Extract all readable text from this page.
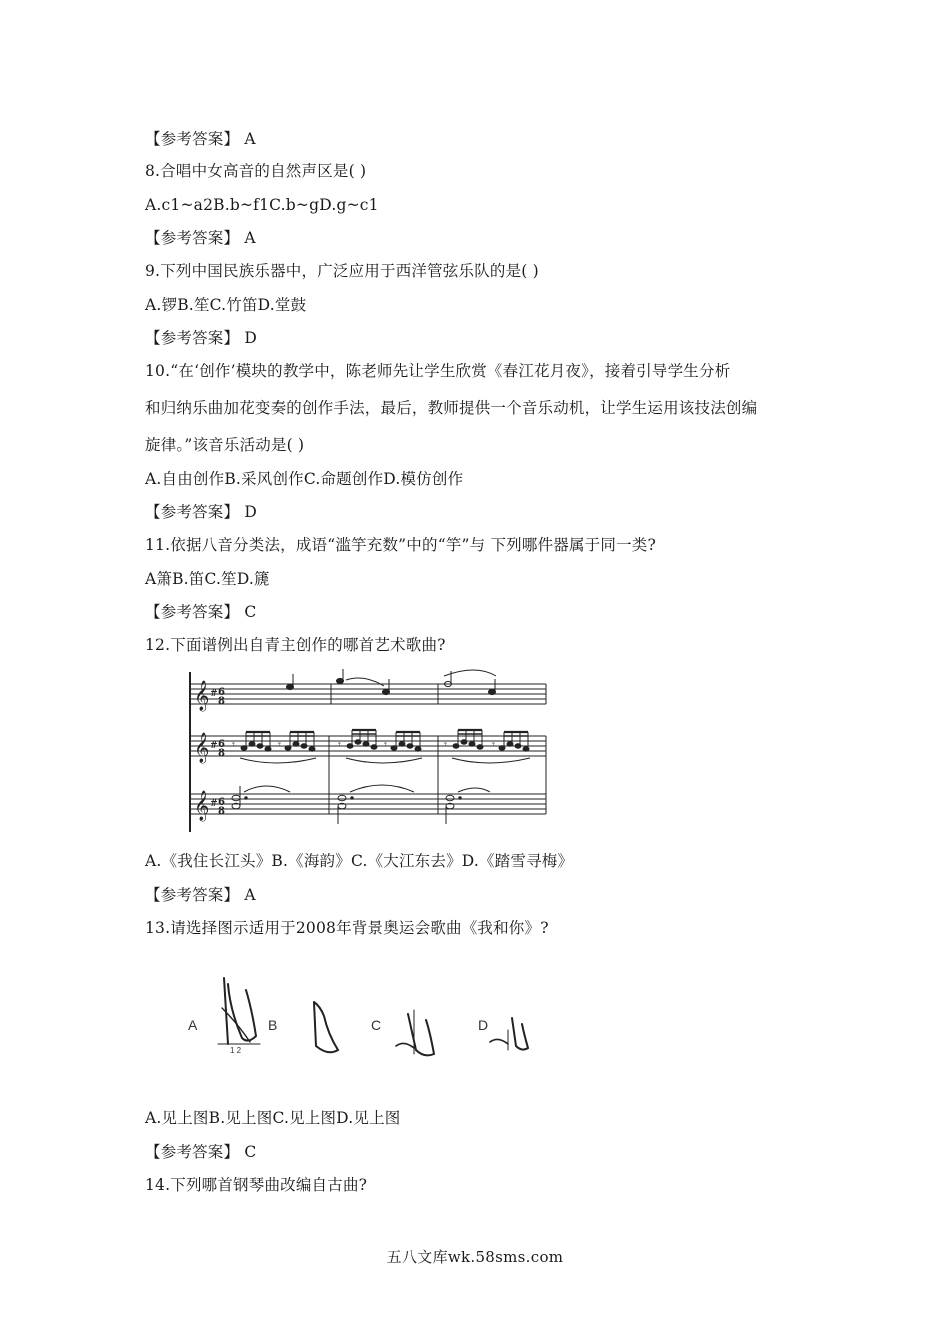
【参考答案】 A
8.合唱中女高音的自然声区是( )
A.c1~a2B.b~f1C.b~gD.g~c1
【参考答案】 A
9.下列中国民族乐器中，广泛应用于西洋管弦乐队的是( )
A.锣B.笙C.竹笛D.堂鼓
【参考答案】 D
10.“在‘创作’模块的教学中，陈老师先让学生欣赏《春江花月夜》，接着引导学生分析
和归纳乐曲加花变奏的创作手法，最后，教师提供一个音乐动机，让学生运用该技法创编
旋律。”该音乐活动是( )
A.自由创作B.采风创作C.命题创作D.模仿创作
【参考答案】 D
11.依据八音分类法，成语“滥竽充数”中的“竽”与 下列哪件器属于同一类?
A箫B.笛C.笙D.篪
【参考答案】 C
12.下面谱例出自青主创作的哪首艺术歌曲?
𝄞
𝄞
𝄞
#
#
#
6
8
6
8
6
8
𝄾	𝄾	𝄾	𝄾	𝄾	𝄾
A.《我住长江头》B.《海韵》C.《大江东去》D.《踏雪寻梅》
【参考答案】 A
13.请选择图示适用于2008年背景奥运会歌曲《我和你》?
A	B	C	D
1 2
A.见上图B.见上图C.见上图D.见上图
【参考答案】 C
14.下列哪首钢琴曲改编自古曲?
五八文库wk.58sms.com
